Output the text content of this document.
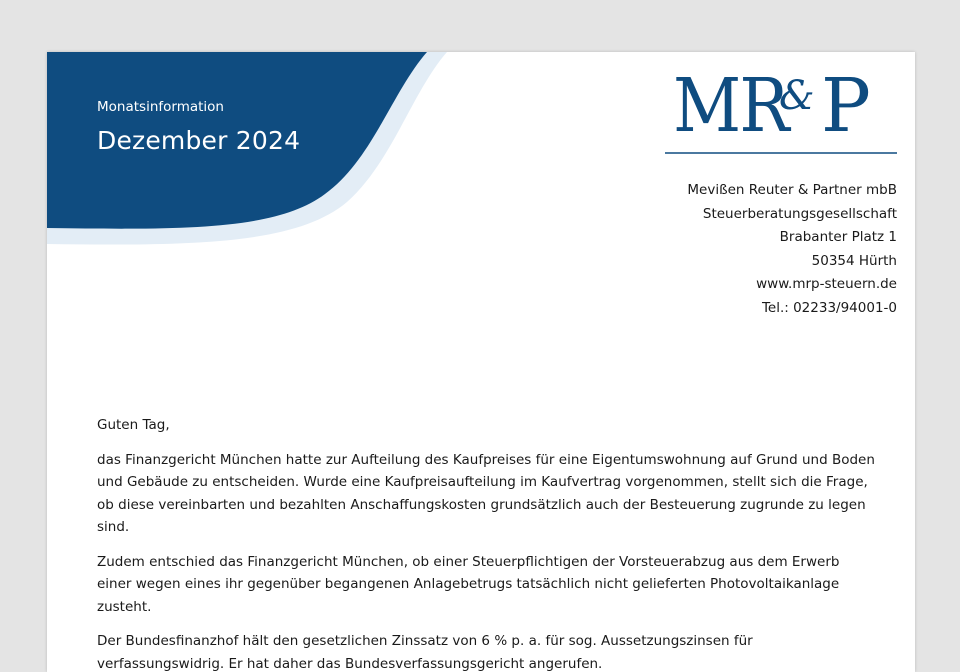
Monatsinformation
Dezember 2024	MR
& P
Mevißen Reuter & Partner mbB
Steuerberatungsgesellschaft
Brabanter Platz 1
50354 Hürth
www.mrp-steuern.de
Tel.: 02233/94001-0

Guten Tag,

das Finanzgericht München hatte zur Aufteilung des Kaufpreises für eine Eigentumswohnung auf Grund und Boden und Gebäude zu entscheiden. Wurde eine Kaufpreisaufteilung im Kaufvertrag vorgenommen, stellt sich die Frage, ob diese vereinbarten und bezahlten Anschaffungskosten grundsätzlich auch der Besteuerung zugrunde zu legen sind.

Zudem entschied das Finanzgericht München, ob einer Steuerpflichtigen der Vorsteuerabzug aus dem Erwerb einer wegen eines ihr gegenüber begangenen Anlagebetrugs tatsächlich nicht gelieferten Photovoltaikanlage zusteht.

Der Bundesfinanzhof hält den gesetzlichen Zinssatz von 6 % p. a. für sog. Aussetzungszinsen für verfassungswidrig. Er hat daher das Bundesverfassungsgericht angerufen.
